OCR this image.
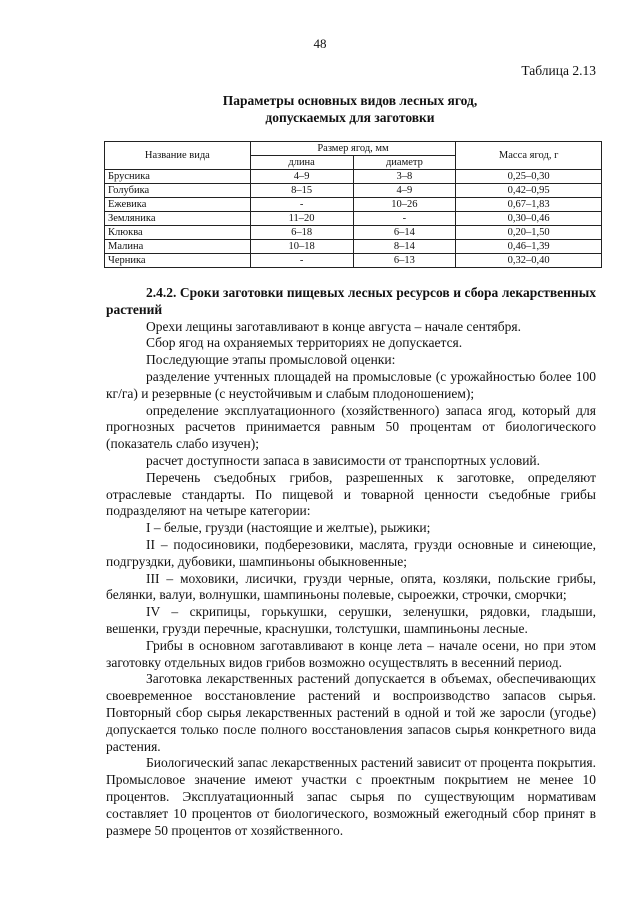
48
Таблица 2.13
Параметры основных видов лесных ягод,
допускаемых для заготовки
Название вида	Размер ягод, мм		Масса ягод, г
	длина	диаметр	
Брусника	4–9	3–8	0,25–0,30
Голубика	8–15	4–9	0,42–0,95
Ежевика	-	10–26	0,67–1,83
Земляника	11–20	-	0,30–0,46
Клюква	6–18	6–14	0,20–1,50
Малина	10–18	8–14	0,46–1,39
Черника	-	6–13	0,32–0,40

2.4.2. Сроки заготовки пищевых лесных ресурсов и сбора лекарственных растений

Орехи лещины заготавливают в конце августа – начале сентября.

Сбор ягод на охраняемых территориях не допускается.

Последующие этапы промысловой оценки:

разделение учтенных площадей на промысловые (с урожайностью более 100 кг/га) и резервные (с неустойчивым и слабым плодоношением);

определение эксплуатационного (хозяйственного) запаса ягод, который для прогнозных расчетов принимается равным 50 процентам от биологического (показатель слабо изучен);

расчет доступности запаса в зависимости от транспортных условий.

Перечень съедобных грибов, разрешенных к заготовке, определяют отраслевые стандарты. По пищевой и товарной ценности съедобные грибы подразделяют на четыре категории:

I – белые, грузди (настоящие и желтые), рыжики;

II – подосиновики, подберезовики, маслята, грузди основные и синеющие, подгруздки, дубовики, шампиньоны обыкновенные;

III – моховики, лисички, грузди черные, опята, козляки, польские грибы, белянки, валуи, волнушки, шампиньоны полевые, сыроежки, строчки, сморчки;

IV – скрипицы, горькушки, серушки, зеленушки, рядовки, гладыши, вешенки, грузди перечные, краснушки, толстушки, шампиньоны лесные.

Грибы в основном заготавливают в конце лета – начале осени, но при этом заготовку отдельных видов грибов возможно осуществлять в весенний период.

Заготовка лекарственных растений допускается в объемах, обеспечивающих своевременное восстановление растений и воспроизводство запасов сырья. Повторный сбор сырья лекарственных растений в одной и той же заросли (угодье) допускается только после полного восстановления запасов сырья конкретного вида растения.

Биологический запас лекарственных растений зависит от процента покрытия. Промысловое значение имеют участки с проектным покрытием не менее 10 процентов. Эксплуатационный запас сырья по существующим нормативам составляет 10 процентов от биологического, возможный ежегодный сбор принят в размере 50 процентов от хозяйственного.
